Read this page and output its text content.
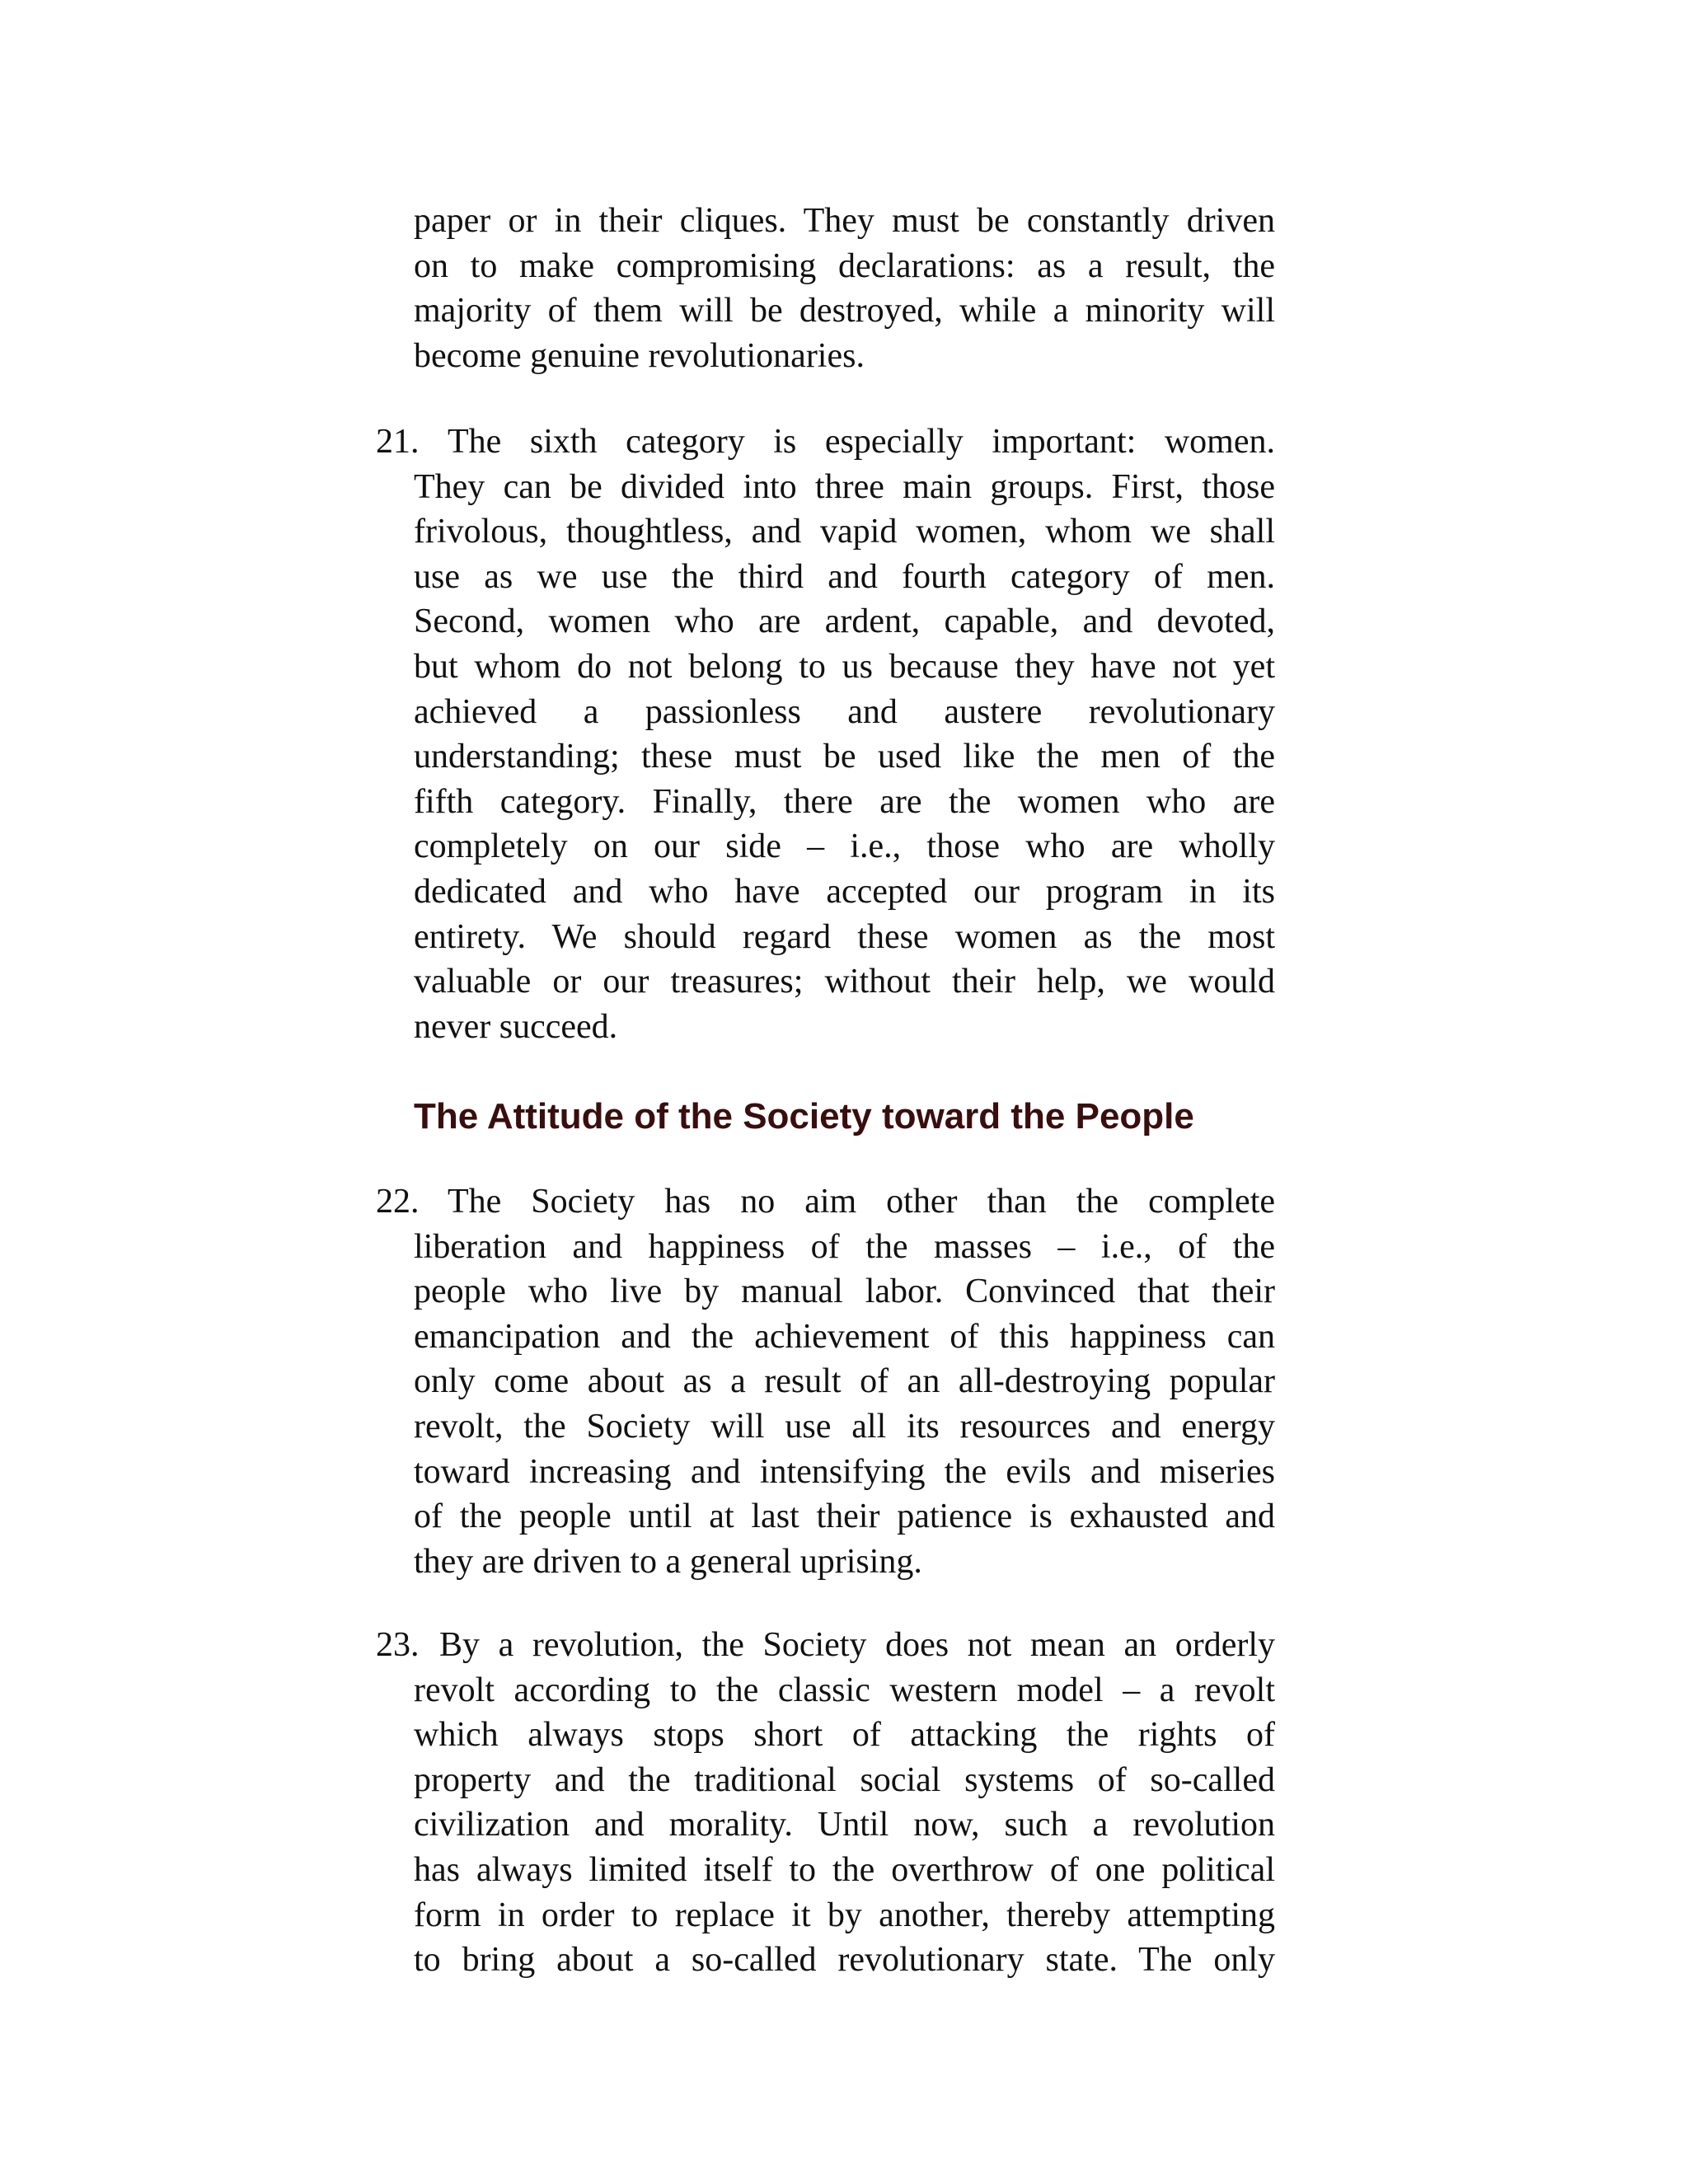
paper or in their cliques. They must be constantly driven
on to make compromising declarations: as a result, the
majority of them will be destroyed, while a minority will
become genuine revolutionaries.
21. The sixth category is especially important: women.
They can be divided into three main groups. First, those
frivolous, thoughtless, and vapid women, whom we shall
use as we use the third and fourth category of men.
Second, women who are ardent, capable, and devoted,
but whom do not belong to us because they have not yet
achieved a passionless and austere revolutionary
understanding; these must be used like the men of the
fifth category. Finally, there are the women who are
completely on our side – i.e., those who are wholly
dedicated and who have accepted our program in its
entirety. We should regard these women as the most
valuable or our treasures; without their help, we would
never succeed.
The Attitude of the Society toward the People
22. The Society has no aim other than the complete
liberation and happiness of the masses – i.e., of the
people who live by manual labor. Convinced that their
emancipation and the achievement of this happiness can
only come about as a result of an all-destroying popular
revolt, the Society will use all its resources and energy
toward increasing and intensifying the evils and miseries
of the people until at last their patience is exhausted and
they are driven to a general uprising.
23. By a revolution, the Society does not mean an orderly
revolt according to the classic western model – a revolt
which always stops short of attacking the rights of
property and the traditional social systems of so-called
civilization and morality. Until now, such a revolution
has always limited itself to the overthrow of one political
form in order to replace it by another, thereby attempting
to bring about a so-called revolutionary state. The only
